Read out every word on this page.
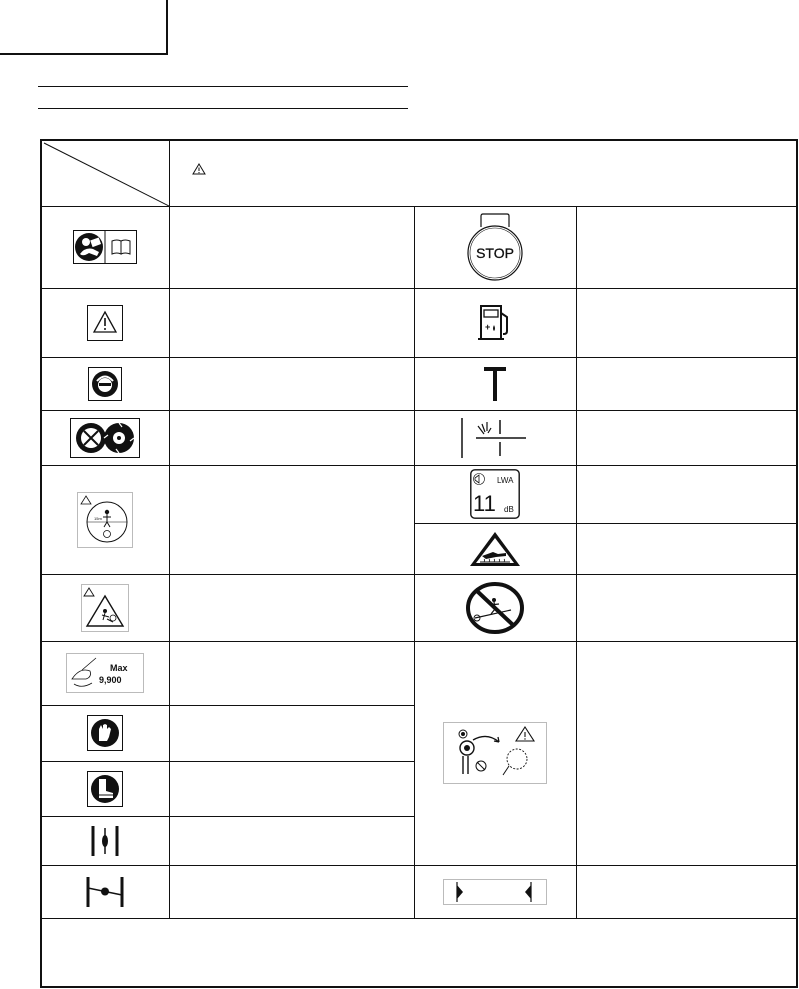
15m
Max
9,900
STOP
+
LWA
11 dB
